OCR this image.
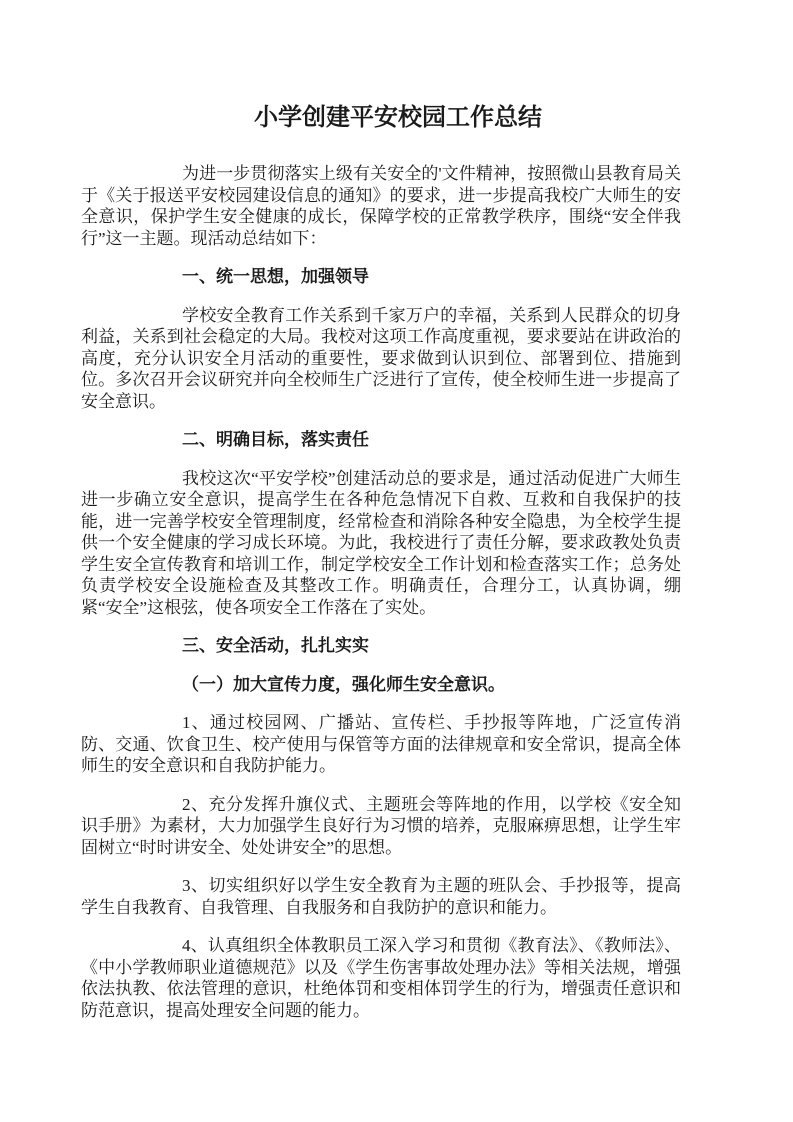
小学创建平安校园工作总结

为进一步贯彻落实上级有关安全的'文件精神，按照微山县教育局关于《关于报送平安校园建设信息的通知》的要求，进一步提高我校广大师生的安全意识，保护学生安全健康的成长，保障学校的正常教学秩序，围绕“安全伴我行”这一主题。现活动总结如下：

一、统一思想，加强领导

学校安全教育工作关系到千家万户的幸福，关系到人民群众的切身利益，关系到社会稳定的大局。我校对这项工作高度重视，要求要站在讲政治的高度，充分认识安全月活动的重要性，要求做到认识到位、部署到位、措施到位。多次召开会议研究并向全校师生广泛进行了宣传，使全校师生进一步提高了安全意识。

二、明确目标，落实责任

我校这次“平安学校”创建活动总的要求是，通过活动促进广大师生进一步确立安全意识，提高学生在各种危急情况下自救、互救和自我保护的技能，进一完善学校安全管理制度，经常检查和消除各种安全隐患，为全校学生提供一个安全健康的学习成长环境。为此，我校进行了责任分解，要求政教处负责学生安全宣传教育和培训工作，制定学校安全工作计划和检查落实工作；总务处负责学校安全设施检查及其整改工作。明确责任，合理分工，认真协调，绷紧“安全”这根弦，使各项安全工作落在了实处。

三、安全活动，扎扎实实
（一）加大宣传力度，强化师生安全意识。

1、通过校园网、广播站、宣传栏、手抄报等阵地，广泛宣传消防、交通、饮食卫生、校产使用与保管等方面的法律规章和安全常识，提高全体师生的安全意识和自我防护能力。

2、充分发挥升旗仪式、主题班会等阵地的作用，以学校《安全知识手册》为素材，大力加强学生良好行为习惯的培养，克服麻痹思想，让学生牢固树立“时时讲安全、处处讲安全”的思想。

3、切实组织好以学生安全教育为主题的班队会、手抄报等，提高学生自我教育、自我管理、自我服务和自我防护的意识和能力。

4、认真组织全体教职员工深入学习和贯彻《教育法》、《教师法》、《中小学教师职业道德规范》以及《学生伤害事故处理办法》等相关法规，增强依法执教、依法管理的意识，杜绝体罚和变相体罚学生的行为，增强责任意识和防范意识，提高处理安全问题的能力。
